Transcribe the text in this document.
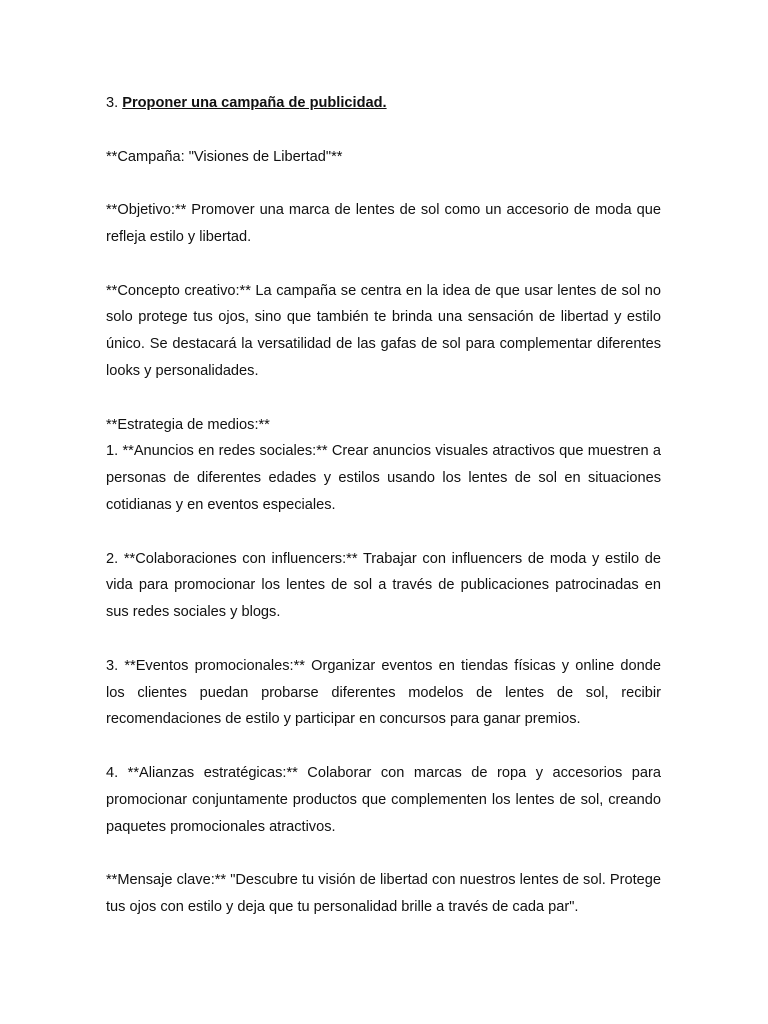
3. Proponer una campaña de publicidad.

**Campaña: "Visiones de Libertad"**

**Objetivo:** Promover una marca de lentes de sol como un accesorio de moda que refleja estilo y libertad.

**Concepto creativo:** La campaña se centra en la idea de que usar lentes de sol no solo protege tus ojos, sino que también te brinda una sensación de libertad y estilo único. Se destacará la versatilidad de las gafas de sol para complementar diferentes looks y personalidades.

**Estrategia de medios:**

1. **Anuncios en redes sociales:** Crear anuncios visuales atractivos que muestren a personas de diferentes edades y estilos usando los lentes de sol en situaciones cotidianas y en eventos especiales.

2. **Colaboraciones con influencers:** Trabajar con influencers de moda y estilo de vida para promocionar los lentes de sol a través de publicaciones patrocinadas en sus redes sociales y blogs.

3. **Eventos promocionales:** Organizar eventos en tiendas físicas y online donde los clientes puedan probarse diferentes modelos de lentes de sol, recibir recomendaciones de estilo y participar en concursos para ganar premios.

4. **Alianzas estratégicas:** Colaborar con marcas de ropa y accesorios para promocionar conjuntamente productos que complementen los lentes de sol, creando paquetes promocionales atractivos.

**Mensaje clave:** "Descubre tu visión de libertad con nuestros lentes de sol. Protege tus ojos con estilo y deja que tu personalidad brille a través de cada par".
